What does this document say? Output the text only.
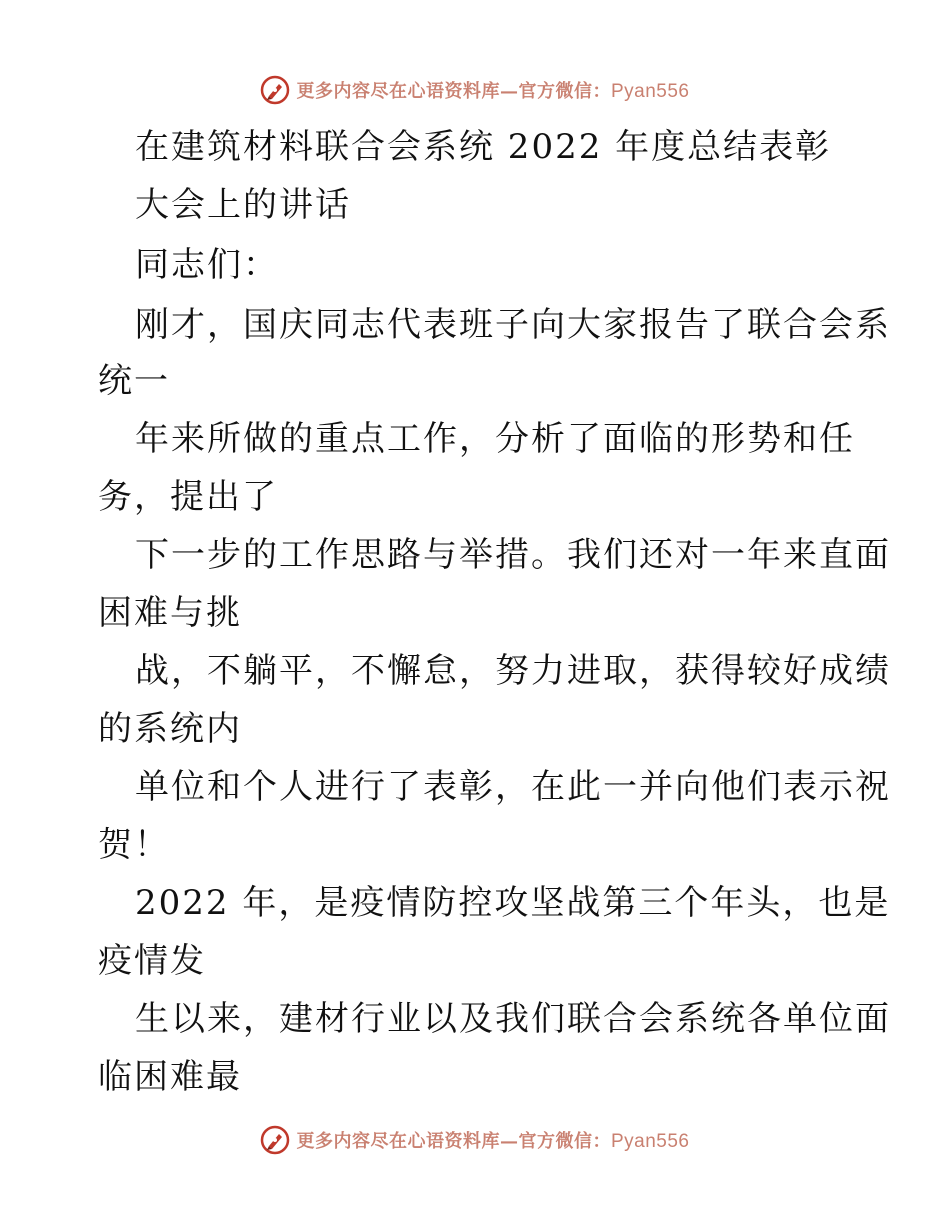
更多内容尽在心语资料库—官方微信：Pyan556
在建筑材料联合会系统 2022 年度总结表彰
大会上的讲话
同志们：
刚才，国庆同志代表班子向大家报告了联合会系
统一
年来所做的重点工作，分析了面临的形势和任
务，提出了
下一步的工作思路与举措。我们还对一年来直面
困难与挑
战，不躺平，不懈怠，努力进取，获得较好成绩
的系统内
单位和个人进行了表彰，在此一并向他们表示祝
贺！
2022 年，是疫情防控攻坚战第三个年头，也是
疫情发
生以来，建材行业以及我们联合会系统各单位面
临困难最
更多内容尽在心语资料库—官方微信：Pyan556
